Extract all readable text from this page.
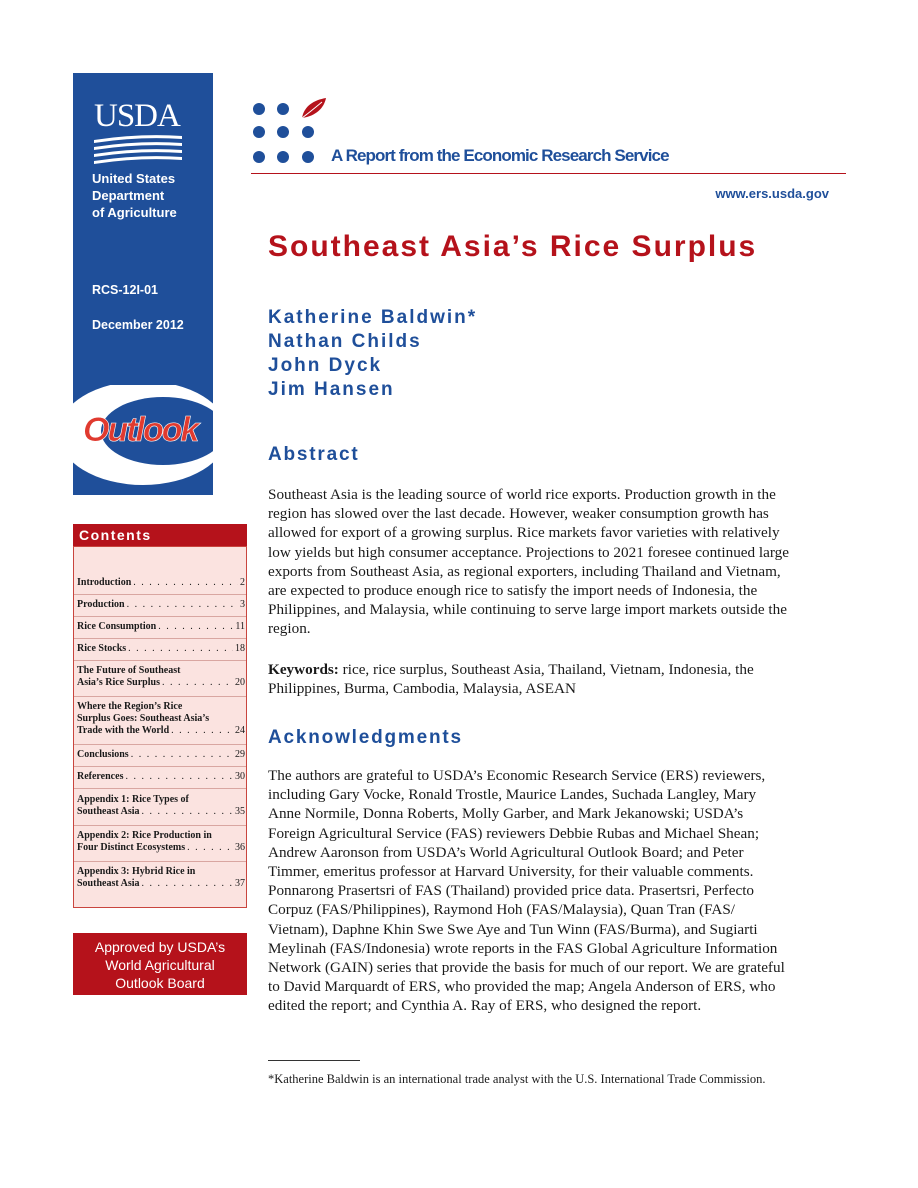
USDA
United States
Department
of Agriculture
RCS-12I-01
December 2012
Outlook
Contents
Introduction . . .	2
Production . . .	3
Rice Consumption . . .	11
Rice Stocks . . .	18
The Future of Southeast
Asia’s Rice Surplus . . .	20
Where the Region’s Rice
Surplus Goes: Southeast Asia’s
Trade with the World . . .	24
Conclusions . . .	29
References . . .	30
Appendix 1: Rice Types of
Southeast Asia . . .	35
Appendix 2: Rice Production in
Four Distinct Ecosystems . . .	36
Appendix 3: Hybrid Rice in
Southeast Asia . . .	37
Approved by USDA’s
World Agricultural
Outlook Board
A Report from the Economic Research Service
www.ers.usda.gov
Southeast Asia’s Rice Surplus
Katherine Baldwin*
Nathan Childs
John Dyck
Jim Hansen
Abstract
Southeast Asia is the leading source of world rice exports. Production growth in the
region has slowed over the last decade. However, weaker consumption growth has
allowed for export of a growing surplus. Rice markets favor varieties with relatively
low yields but high consumer acceptance. Projections to 2021 foresee continued large
exports from Southeast Asia, as regional exporters, including Thailand and Vietnam,
are expected to produce enough rice to satisfy the import needs of Indonesia, the
Philippines, and Malaysia, while continuing to serve large import markets outside the
region.
Keywords: rice, rice surplus, Southeast Asia, Thailand, Vietnam, Indonesia, the
Philippines, Burma, Cambodia, Malaysia, ASEAN
Acknowledgments
The authors are grateful to USDA’s Economic Research Service (ERS) reviewers,
including Gary Vocke, Ronald Trostle, Maurice Landes, Suchada Langley, Mary
Anne Normile, Donna Roberts, Molly Garber, and Mark Jekanowski; USDA’s
Foreign Agricultural Service (FAS) reviewers Debbie Rubas and Michael Shean;
Andrew Aaronson from USDA’s World Agricultural Outlook Board; and Peter
Timmer, emeritus professor at Harvard University, for their valuable comments.
Ponnarong Prasertsri of FAS (Thailand) provided price data. Prasertsri, Perfecto
Corpuz (FAS/Philippines), Raymond Hoh (FAS/Malaysia), Quan Tran (FAS/
Vietnam), Daphne Khin Swe Swe Aye and Tun Winn (FAS/Burma), and Sugiarti
Meylinah (FAS/Indonesia) wrote reports in the FAS Global Agriculture Information
Network (GAIN) series that provide the basis for much of our report. We are grateful
to David Marquardt of ERS, who provided the map; Angela Anderson of ERS, who
edited the report; and Cynthia A. Ray of ERS, who designed the report.
*Katherine Baldwin is an international trade analyst with the U.S. International Trade Commission.
